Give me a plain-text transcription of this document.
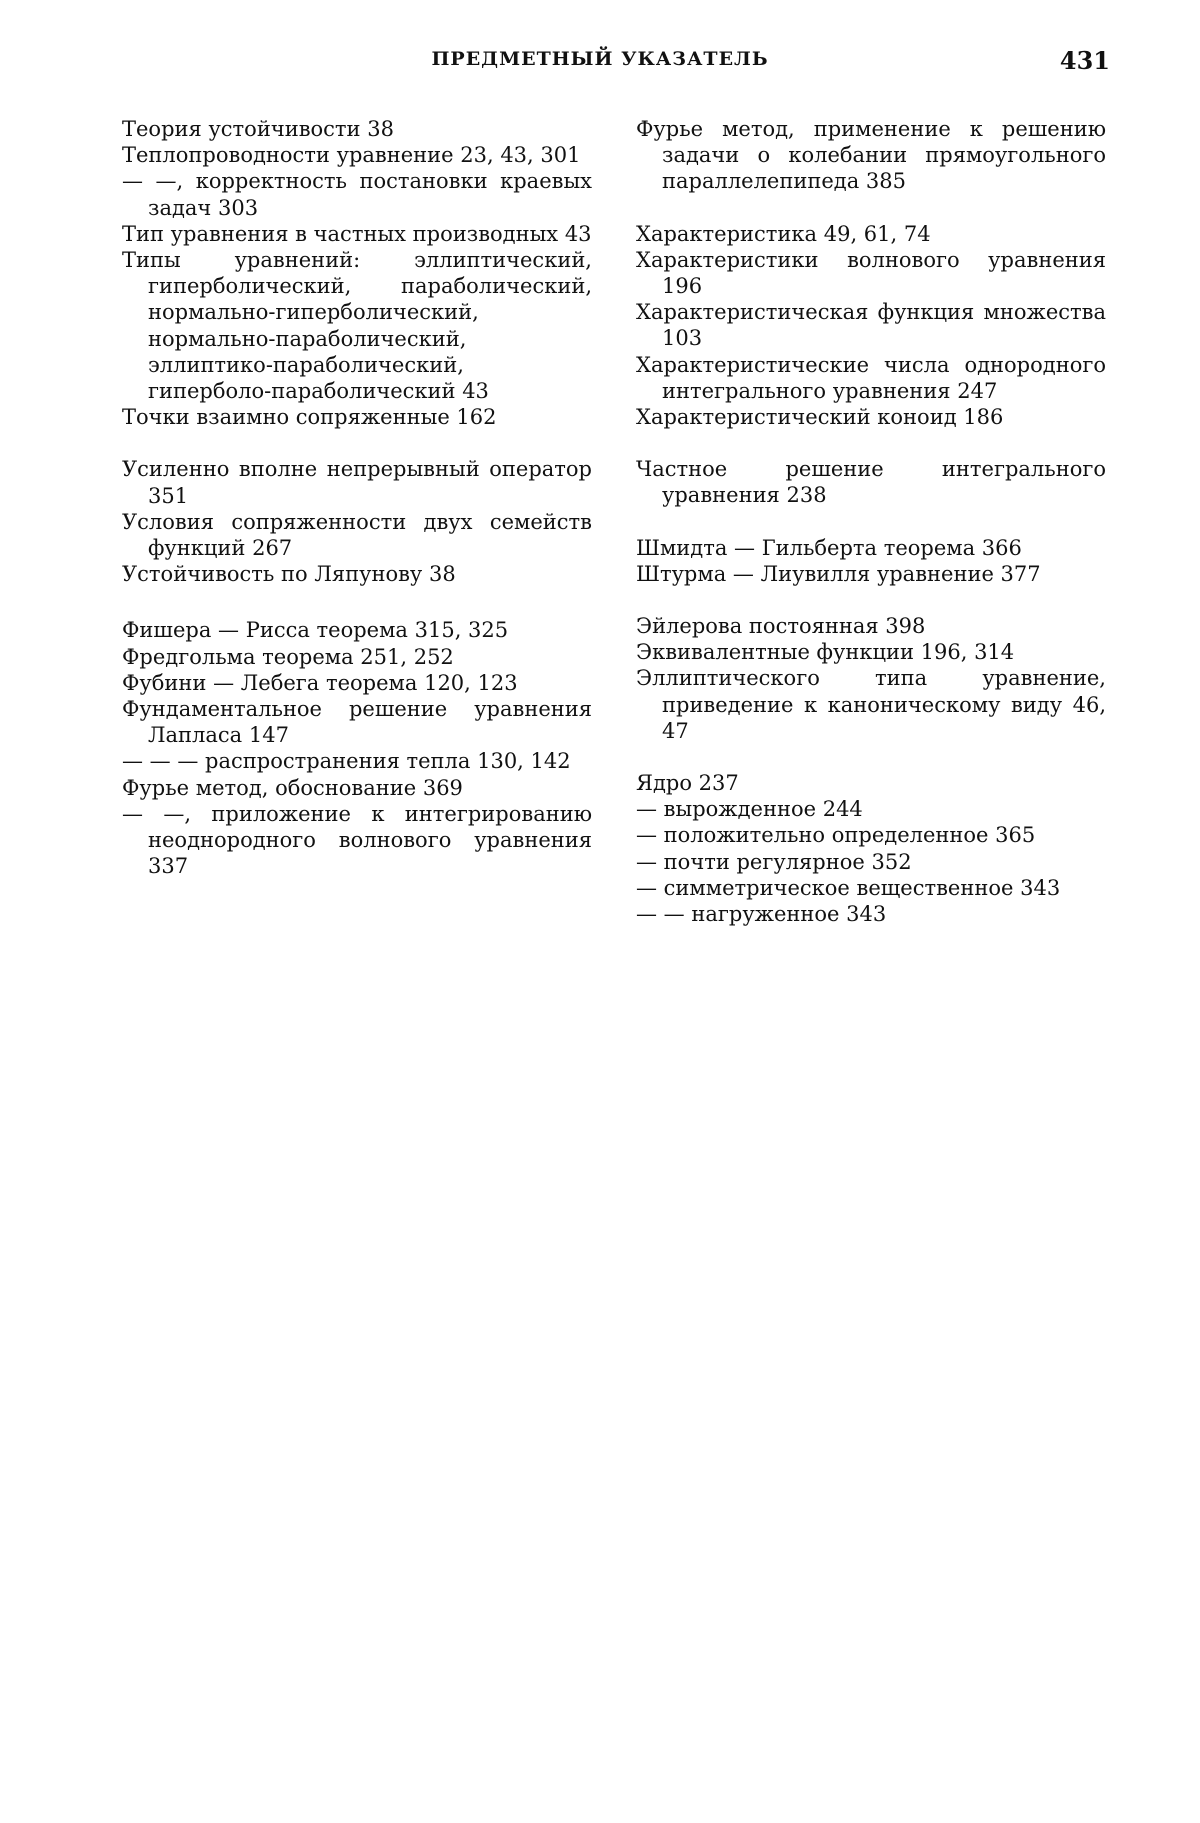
ПРЕДМЕТНЫЙ УКАЗАТЕЛЬ	431

Теория устойчивости 38

Теплопроводности уравнение 23, 43, 301

— —, корректность постановки краевых задач 303

Тип уравнения в частных производных 43

Типы уравнений: эллиптический, гиперболический, параболический, нормально-гиперболический, нормально-параболический, эллиптико-параболический, гиперболо-параболический 43

Точки взаимно сопряженные 162

Усиленно вполне непрерывный оператор 351

Условия сопряженности двух семейств функций 267

Устойчивость по Ляпунову 38

Фишера — Рисса теорема 315, 325

Фредгольма теорема 251, 252

Фубини — Лебега теорема 120, 123

Фундаментальное решение уравнения Лапласа 147

— — — распространения тепла 130, 142

Фурье метод, обоснование 369

— —, приложение к интегрированию неоднородного волнового уравнения 337

Фурье метод, применение к решению задачи о колебании прямоугольного параллелепипеда 385

Характеристика 49, 61, 74

Характеристики волнового уравнения 196

Характеристическая функция множества 103

Характеристические числа однородного интегрального уравнения 247

Характеристический коноид 186

Частное решение интегрального уравнения 238

Шмидта — Гильберта теорема 366

Штурма — Лиувилля уравнение 377

Эйлерова постоянная 398

Эквивалентные функции 196, 314

Эллиптического типа уравнение, приведение к каноническому виду 46, 47

Ядро 237

— вырожденное 244

— положительно определенное 365

— почти регулярное 352

— симметрическое вещественное 343

— — нагруженное 343
